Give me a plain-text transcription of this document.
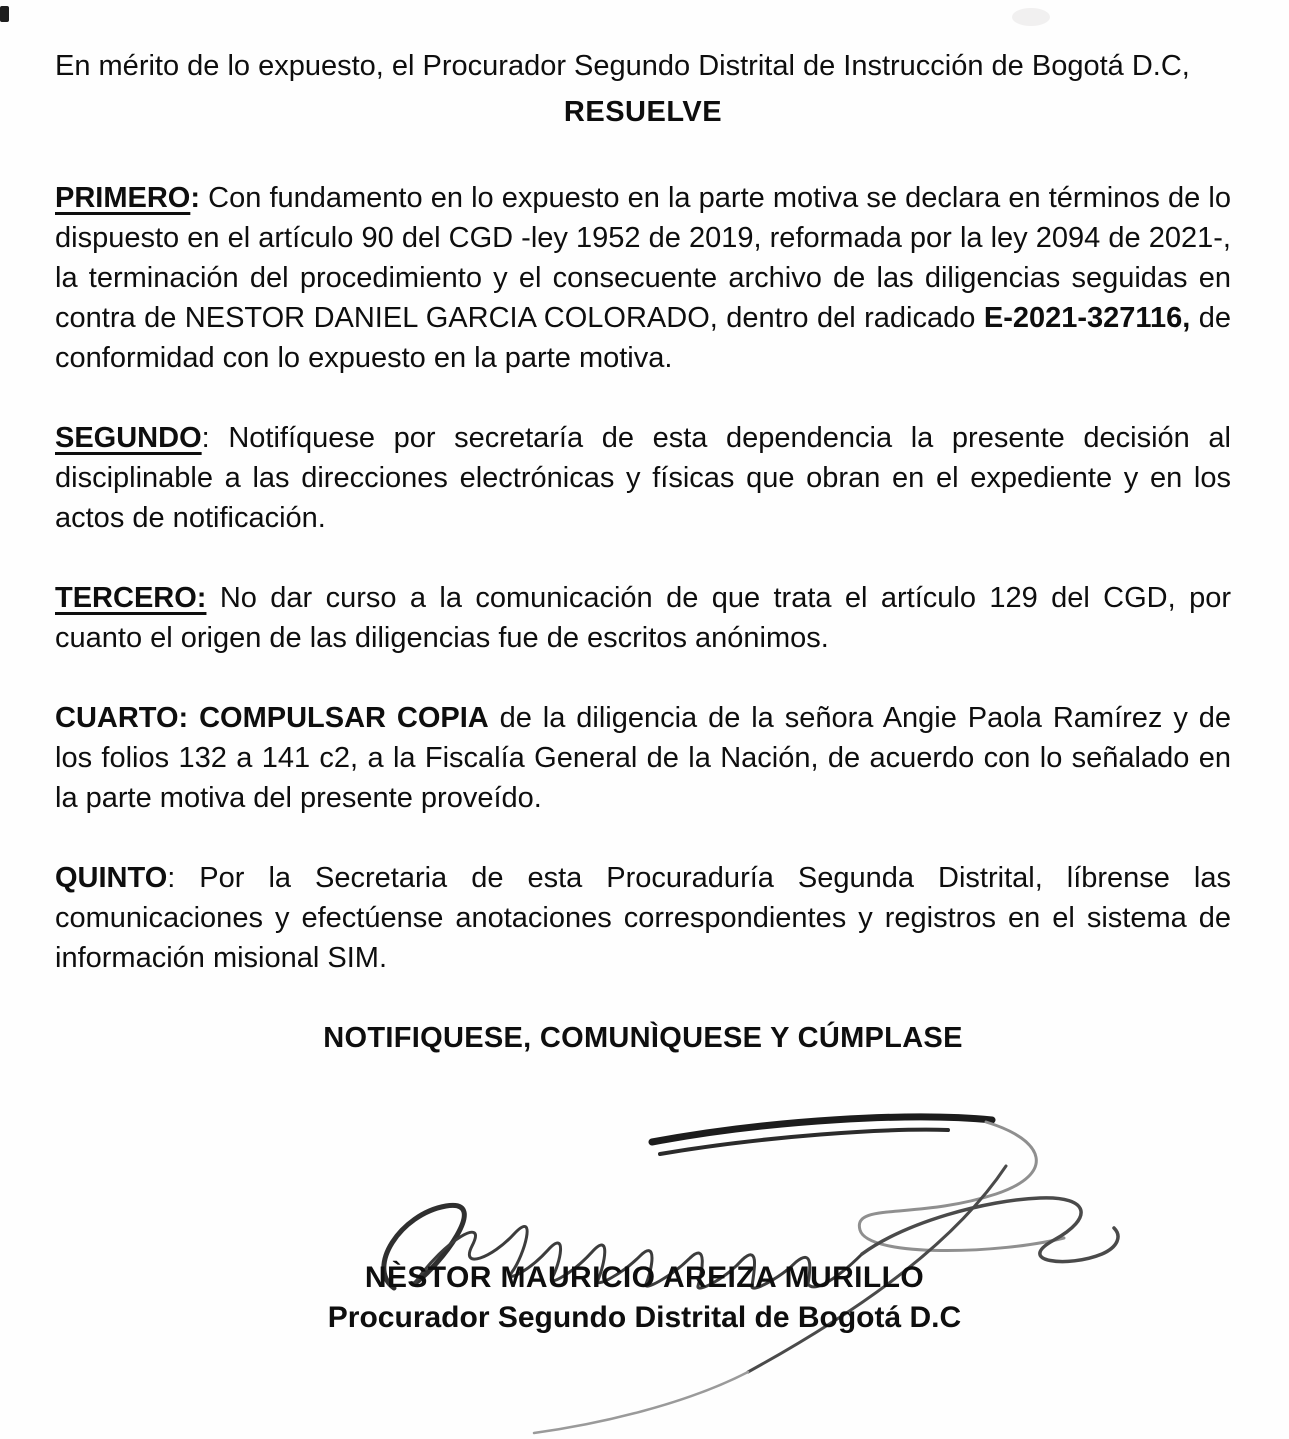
En mérito de lo expuesto, el Procurador Segundo Distrital de Instrucción de Bogotá D.C,

RESUELVE

PRIMERO: Con fundamento en lo expuesto en la parte motiva se declara en términos de lo dispuesto en el artículo 90 del CGD -ley 1952 de 2019, reformada por la ley 2094 de 2021-, la terminación del procedimiento y el consecuente archivo de las diligencias seguidas en contra de NESTOR DANIEL GARCIA COLORADO, dentro del radicado E-2021-327116, de conformidad con lo expuesto en la parte motiva.

SEGUNDO: Notifíquese por secretaría de esta dependencia la presente decisión al disciplinable a las direcciones electrónicas y físicas que obran en el expediente y en los actos de notificación.

TERCERO: No dar curso a la comunicación de que trata el artículo 129 del CGD, por cuanto el origen de las diligencias fue de escritos anónimos.

CUARTO: COMPULSAR COPIA de la diligencia de la señora Angie Paola Ramírez y de los folios 132 a 141 c2, a la Fiscalía General de la Nación, de acuerdo con lo señalado en la parte motiva del presente proveído.

QUINTO: Por la Secretaria de esta Procuraduría Segunda Distrital, líbrense las comunicaciones y efectúense anotaciones correspondientes y registros en el sistema de información misional SIM.

NOTIFIQUESE, COMUNÌQUESE Y CÚMPLASE

NÈSTOR MAURICIO AREIZA MURILLO

Procurador Segundo Distrital de Bogotá D.C
